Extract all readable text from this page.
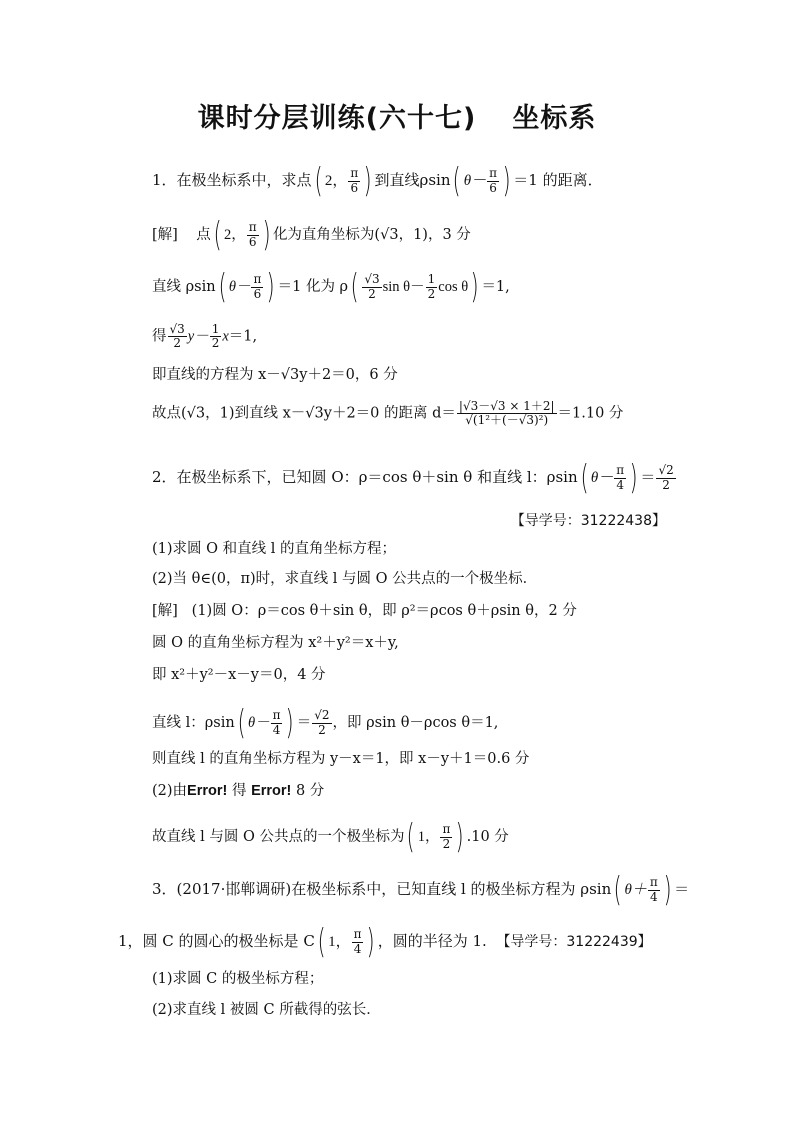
课时分层训练(六十七) 坐标系
1．在极坐标系中，求点( 2， $\frac{\pi}{6}$ ) 到直线ρsin( $\theta- \frac{\pi}{6}$ ) ＝1 的距离．
[解] 点( 2， $\frac{\pi}{6}$ ) 化为直角坐标为(√3，1)，3 分
直线 ρsin( $\theta- \frac{\pi}{6}$ ) ＝1 化为 $\rho( \frac{√3}{2}$ $\sin \theta- \frac{1}{2}$ cos θ) ＝1,
得 $\frac{√3}{2} y- \frac{1}{2} x=1$,
即直线的方程为 x－√3y＋2＝0，6 分
故点(√3，1)到直线 x－√3y＋2＝0 的距离 $d= \frac{|√3-√3 \times 1+2|}{\text{√(1²＋(－√3)²)}} =1.10$ 分
2．在极坐标系下，已知圆 O：ρ＝cos θ＋sin θ 和直线 l：ρsin( $\theta- \frac{\pi}{4}$ ) ＝ $\frac{√2}{2}$
【导学号：31222438】
(1)求圆 O 和直线 l 的直角坐标方程；
(2)当 θ∈(0，π)时，求直线 l 与圆 O 公共点的一个极坐标．
[解] (1)圆 O：ρ＝cos θ＋sin θ，即 ρ²＝ρcos θ＋ρsin θ，2 分
圆 O 的直角坐标方程为 x²＋y²＝x＋y,
即 x²＋y²－x－y＝0，4 分
直线 l：ρsin( $\theta- \frac{\pi}{4}$ ) ＝ $\frac{√2}{2}$ ，即 ρsin θ－ρcos θ＝1,
则直线 l 的直角坐标方程为 y－x＝1，即 x－y＋1＝0.6 分
(2)由Error! 得 Error! 8 分
故直线 l 与圆 O 公共点的一个极坐标为( 1， $\frac{\pi}{2}$ ) .10 分
3．(2017·邯郸调研)在极坐标系中，已知直线 l 的极坐标方程为 ρsin( $\theta+ \frac{\pi}{4}$ ) ＝
1，圆 C 的圆心的极坐标是 C( 1， $\frac{\pi}{4}$ ) ，圆的半径为 1. 【导学号：31222439】
(1)求圆 C 的极坐标方程；
(2)求直线 l 被圆 C 所截得的弦长．
